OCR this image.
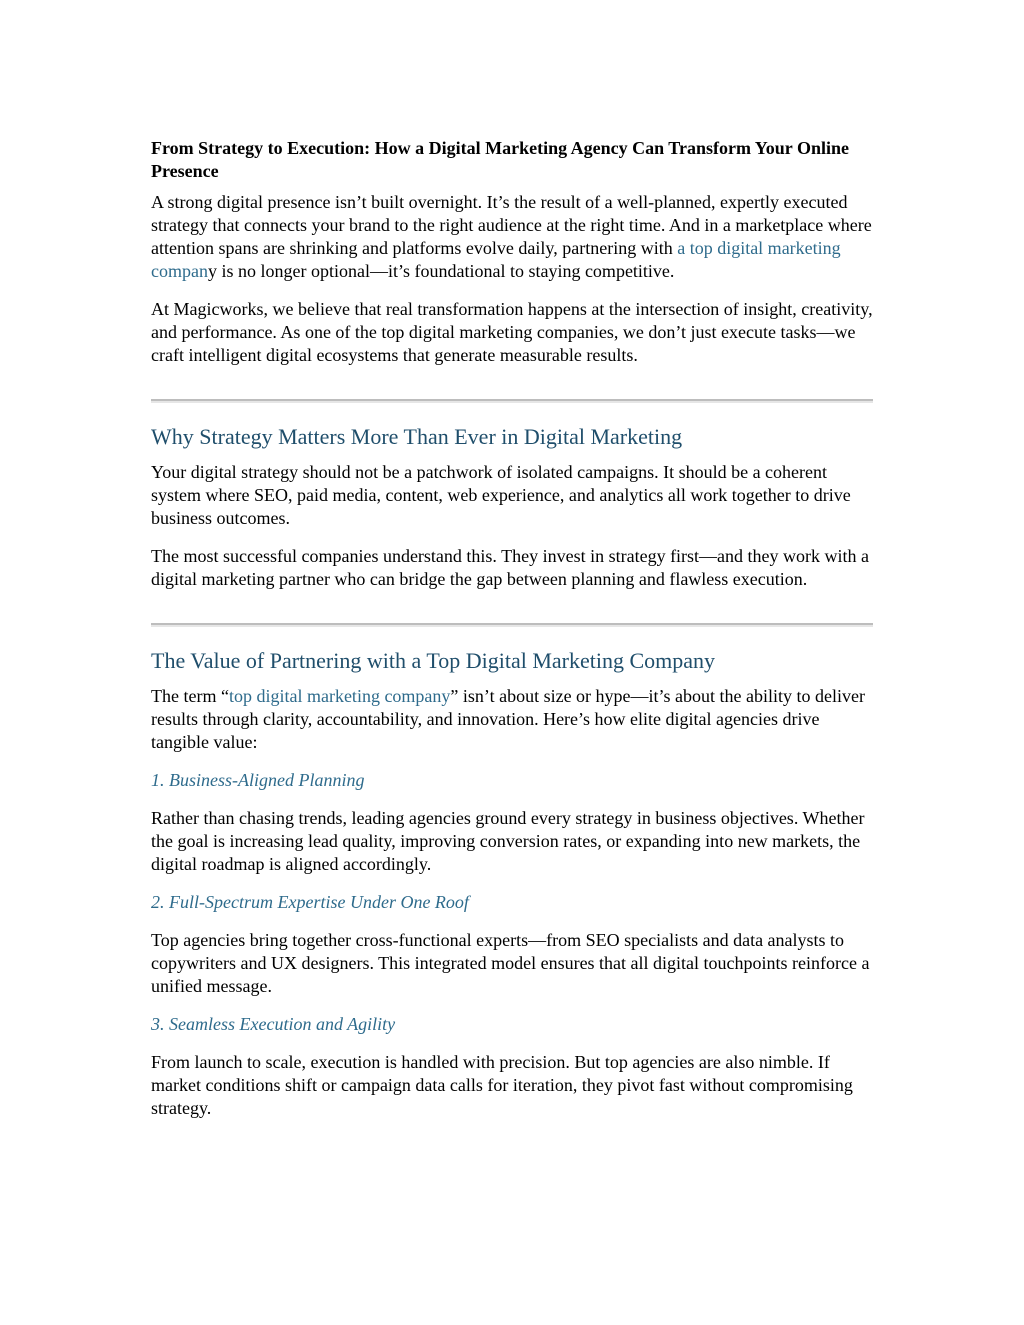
From Strategy to Execution: How a Digital Marketing Agency Can Transform Your Online Presence

A strong digital presence isn’t built overnight. It’s the result of a well-planned, expertly executed strategy that connects your brand to the right audience at the right time. And in a marketplace where attention spans are shrinking and platforms evolve daily, partnering with a top digital marketing company is no longer optional—it’s foundational to staying competitive.

At Magicworks, we believe that real transformation happens at the intersection of insight, creativity, and performance. As one of the top digital marketing companies, we don’t just execute tasks—we craft intelligent digital ecosystems that generate measurable results.

Why Strategy Matters More Than Ever in Digital Marketing

Your digital strategy should not be a patchwork of isolated campaigns. It should be a coherent system where SEO, paid media, content, web experience, and analytics all work together to drive business outcomes.

The most successful companies understand this. They invest in strategy first—and they work with a digital marketing partner who can bridge the gap between planning and flawless execution.

The Value of Partnering with a Top Digital Marketing Company

The term “top digital marketing company” isn’t about size or hype—it’s about the ability to deliver results through clarity, accountability, and innovation. Here’s how elite digital agencies drive tangible value:

1. Business-Aligned Planning

Rather than chasing trends, leading agencies ground every strategy in business objectives. Whether the goal is increasing lead quality, improving conversion rates, or expanding into new markets, the digital roadmap is aligned accordingly.

2. Full-Spectrum Expertise Under One Roof

Top agencies bring together cross-functional experts—from SEO specialists and data analysts to copywriters and UX designers. This integrated model ensures that all digital touchpoints reinforce a unified message.

3. Seamless Execution and Agility

From launch to scale, execution is handled with precision. But top agencies are also nimble. If market conditions shift or campaign data calls for iteration, they pivot fast without compromising strategy.
